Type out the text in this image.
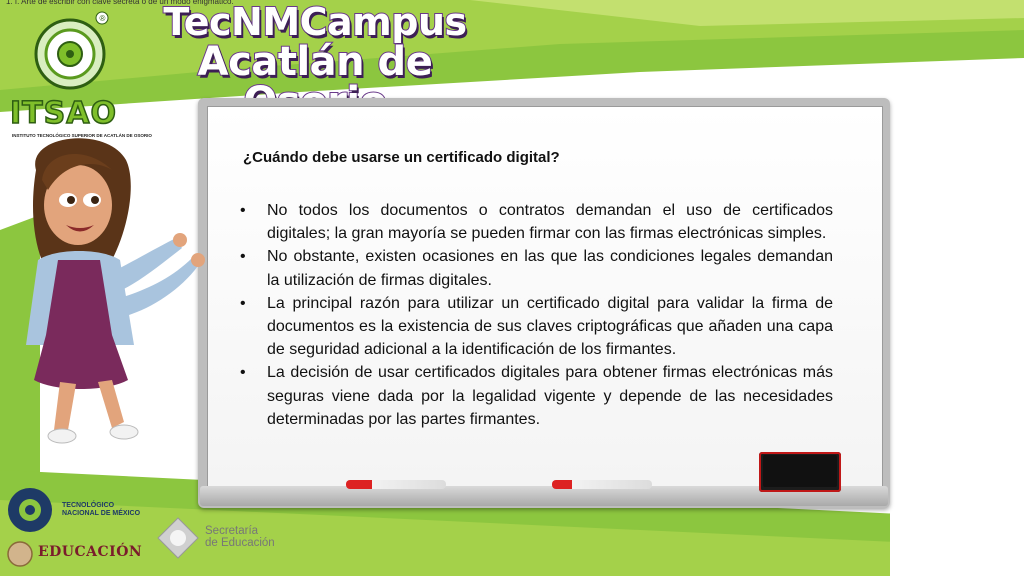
1. f. Arte de escribir con clave secreta o de un modo enigmático.
®
ITSAO
INSTITUTO TECNOLÓGICO SUPERIOR DE ACATLÁN DE OSORIO
TecNMCampus
Acatlán de
¿Cuándo debe usarse un certificado digital?
• No todos los documentos o contratos demandan el uso de certificados digitales; la gran mayoría se pueden firmar con las firmas electrónicas simples.
• No obstante, existen ocasiones en las que las condiciones legales demandan la utilización de firmas digitales.
• La principal razón para utilizar un certificado digital para validar la firma de documentos es la existencia de sus claves criptográficas que añaden una capa de seguridad adicional a la identificación de los firmantes.
• La decisión de usar certificados digitales para obtener firmas electrónicas más seguras viene dada por la legalidad vigente y depende de las necesidades determinadas por las partes firmantes.
TECNOLÓGICO
NACIONAL DE MÉXICO
EDUCACIÓN
Secretaría
de Educación
